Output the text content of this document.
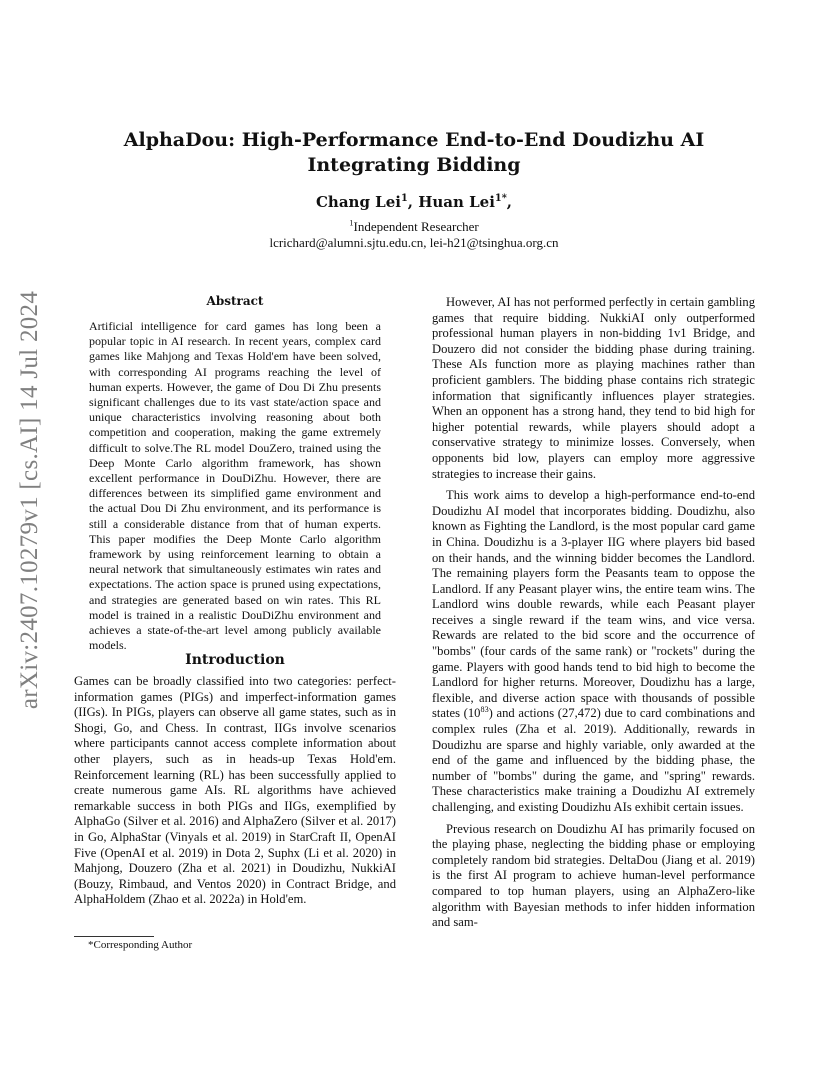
arXiv:2407.10279v1 [cs.AI] 14 Jul 2024
AlphaDou: High-Performance End-to-End Doudizhu AI Integrating Bidding
Chang Lei$^1$, Huan Lei$^{1*}$,
$^1$Independent Researcher
lcrichard@alumni.sjtu.edu.cn, lei-h21@tsinghua.org.cn
Abstract

Artificial intelligence for card games has long been a popular topic in AI research. In recent years, complex card games like Mahjong and Texas Hold'em have been solved, with corresponding AI programs reaching the level of human experts. However, the game of Dou Di Zhu presents significant challenges due to its vast state/action space and unique characteristics involving reasoning about both competition and cooperation, making the game extremely difficult to solve.The RL model DouZero, trained using the Deep Monte Carlo algorithm framework, has shown excellent performance in DouDiZhu. However, there are differences between its simplified game environment and the actual Dou Di Zhu environment, and its performance is still a considerable distance from that of human experts. This paper modifies the Deep Monte Carlo algorithm framework by using reinforcement learning to obtain a neural network that simultaneously estimates win rates and expectations. The action space is pruned using expectations, and strategies are generated based on win rates. This RL model is trained in a realistic DouDiZhu environment and achieves a state-of-the-art level among publicly available models.

Introduction

Games can be broadly classified into two categories: perfect-information games (PIGs) and imperfect-information games (IIGs). In PIGs, players can observe all game states, such as in Shogi, Go, and Chess. In contrast, IIGs involve scenarios where participants cannot access complete information about other players, such as in heads-up Texas Hold'em. Reinforcement learning (RL) has been successfully applied to create numerous game AIs. RL algorithms have achieved remarkable success in both PIGs and IIGs, exemplified by AlphaGo (Silver et al. 2016) and AlphaZero (Silver et al. 2017) in Go, AlphaStar (Vinyals et al. 2019) in StarCraft II, OpenAI Five (OpenAI et al. 2019) in Dota 2, Suphx (Li et al. 2020) in Mahjong, Douzero (Zha et al. 2021) in Doudizhu, NukkiAI (Bouzy, Rimbaud, and Ventos 2020) in Contract Bridge, and AlphaHoldem (Zhao et al. 2022a) in Hold'em.

*Corresponding Author

However, AI has not performed perfectly in certain gambling games that require bidding. NukkiAI only outperformed professional human players in non-bidding 1v1 Bridge, and Douzero did not consider the bidding phase during training. These AIs function more as playing machines rather than proficient gamblers. The bidding phase contains rich strategic information that significantly influences player strategies. When an opponent has a strong hand, they tend to bid high for higher potential rewards, while players should adopt a conservative strategy to minimize losses. Conversely, when opponents bid low, players can employ more aggressive strategies to increase their gains.

This work aims to develop a high-performance end-to-end Doudizhu AI model that incorporates bidding. Doudizhu, also known as Fighting the Landlord, is the most popular card game in China. Doudizhu is a 3-player IIG where players bid based on their hands, and the winning bidder becomes the Landlord. The remaining players form the Peasants team to oppose the Landlord. If any Peasant player wins, the entire team wins. The Landlord wins double rewards, while each Peasant player receives a single reward if the team wins, and vice versa. Rewards are related to the bid score and the occurrence of "bombs" (four cards of the same rank) or "rockets" during the game. Players with good hands tend to bid high to become the Landlord for higher returns. Moreover, Doudizhu has a large, flexible, and diverse action space with thousands of possible states $(10^{83})$ and actions (27,472) due to card combinations and complex rules (Zha et al. 2019). Additionally, rewards in Doudizhu are sparse and highly variable, only awarded at the end of the game and influenced by the bidding phase, the number of "bombs" during the game, and "spring" rewards. These characteristics make training a Doudizhu AI extremely challenging, and existing Doudizhu AIs exhibit certain issues.

Previous research on Doudizhu AI has primarily focused on the playing phase, neglecting the bidding phase or employing completely random bid strategies. DeltaDou (Jiang et al. 2019) is the first AI program to achieve human-level performance compared to top human players, using an AlphaZero-like algorithm with Bayesian methods to infer hidden information and sam-
